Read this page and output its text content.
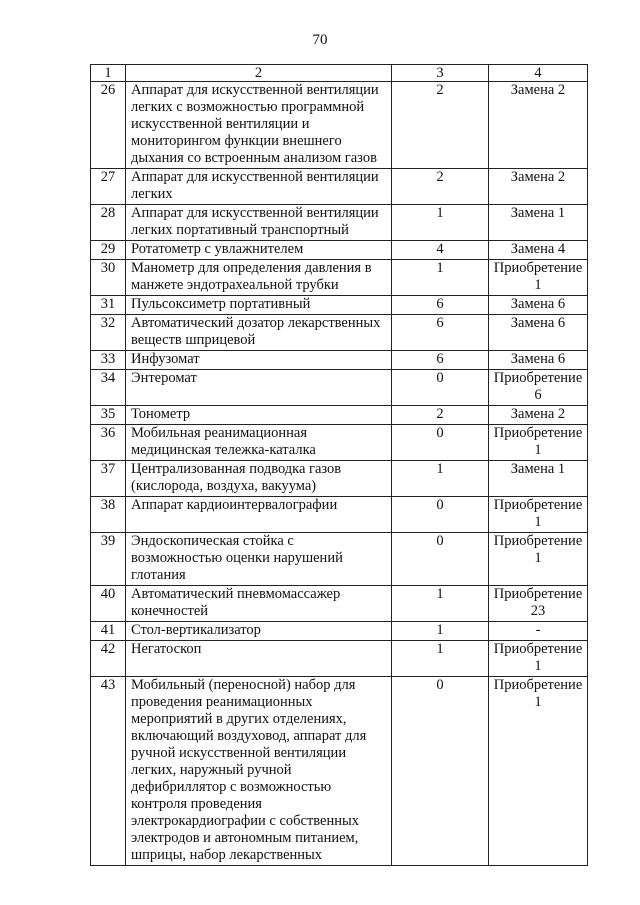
70
1	2	3	4
26	Аппарат для искусственной вентиляции легких с возможностью программной искусственной вентиляции и мониторингом функции внешнего дыхания со встроенным анализом газов	2	Замена 2
27	Аппарат для искусственной вентиляции легких	2	Замена 2
28	Аппарат для искусственной вентиляции легких портативный транспортный	1	Замена 1
29	Ротатометр с увлажнителем	4	Замена 4
30	Манометр для определения давления в манжете эндотрахеальной трубки	1	Приобретение 1
31	Пульсоксиметр портативный	6	Замена 6
32	Автоматический дозатор лекарственных веществ шприцевой	6	Замена 6
33	Инфузомат	6	Замена 6
34	Энтеромат	0	Приобретение 6
35	Тонометр	2	Замена 2
36	Мобильная реанимационная медицинская тележка-каталка	0	Приобретение 1
37	Централизованная подводка газов (кислорода, воздуха, вакуума)	1	Замена 1
38	Аппарат кардиоинтервалографии	0	Приобретение 1
39	Эндоскопическая стойка с возможностью оценки нарушений глотания	0	Приобретение 1
40	Автоматический пневмомассажер конечностей	1	Приобретение 23
41	Стол-вертикализатор	1	-
42	Негатоскоп	1	Приобретение 1
43	Мобильный (переносной) набор для проведения реанимационных мероприятий в других отделениях, включающий воздуховод, аппарат для ручной искусственной вентиляции легких, наружный ручной дефибриллятор с возможностью контроля проведения электрокардиографии с собственных электродов и автономным питанием, шприцы, набор лекарственных	0	Приобретение 1
